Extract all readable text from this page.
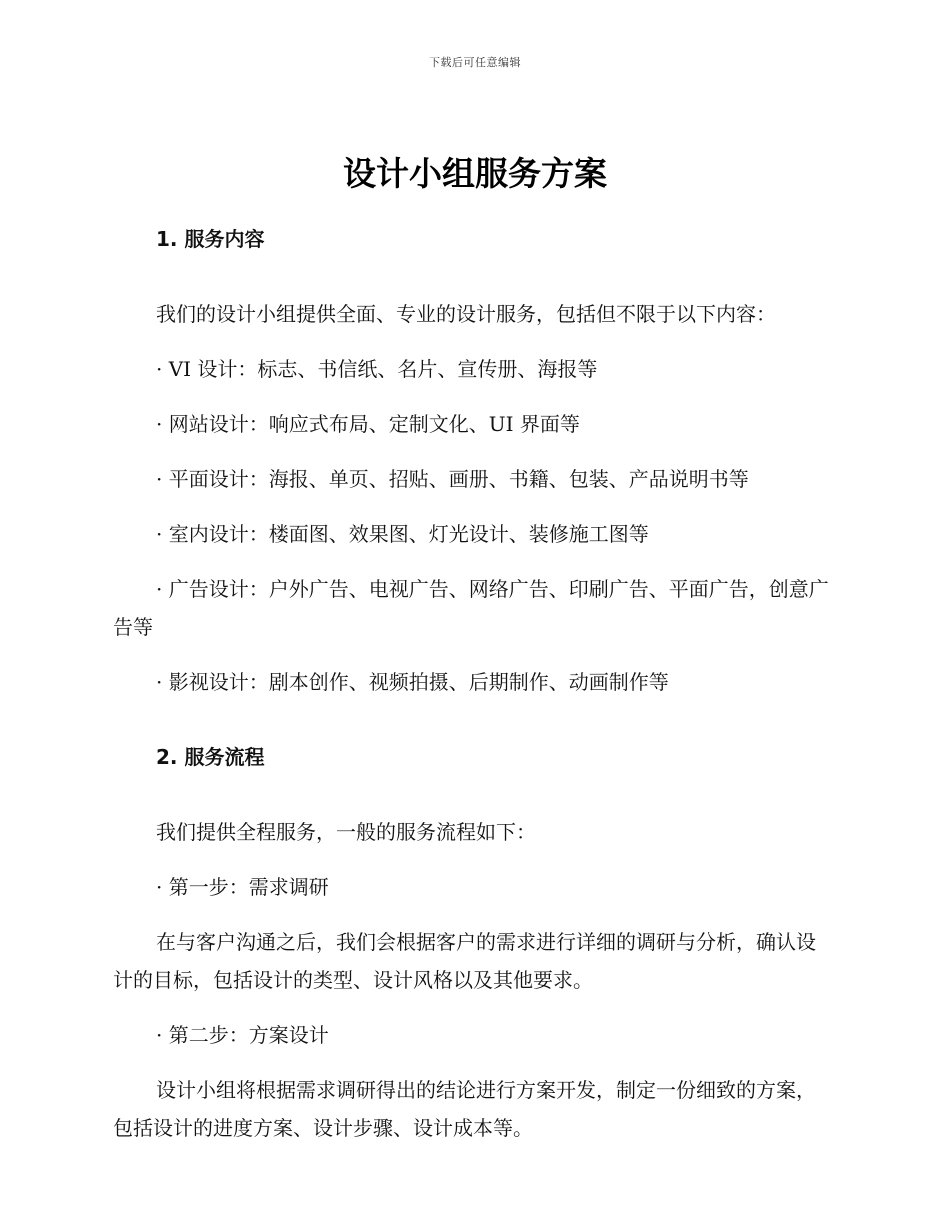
下载后可任意编辑
设计小组服务方案

1. 服务内容

我们的设计小组提供全面、专业的设计服务，包括但不限于以下内容：

· VI 设计：标志、书信纸、名片、宣传册、海报等

· 网站设计：响应式布局、定制文化、UI 界面等

· 平面设计：海报、单页、招贴、画册、书籍、包装、产品说明书等

· 室内设计：楼面图、效果图、灯光设计、装修施工图等

· 广告设计：户外广告、电视广告、网络广告、印刷广告、平面广告，创意广告等

· 影视设计：剧本创作、视频拍摄、后期制作、动画制作等

2. 服务流程

我们提供全程服务，一般的服务流程如下：

· 第一步：需求调研

在与客户沟通之后，我们会根据客户的需求进行详细的调研与分析，确认设计的目标，包括设计的类型、设计风格以及其他要求。

· 第二步：方案设计

设计小组将根据需求调研得出的结论进行方案开发，制定一份细致的方案，包括设计的进度方案、设计步骤、设计成本等。
